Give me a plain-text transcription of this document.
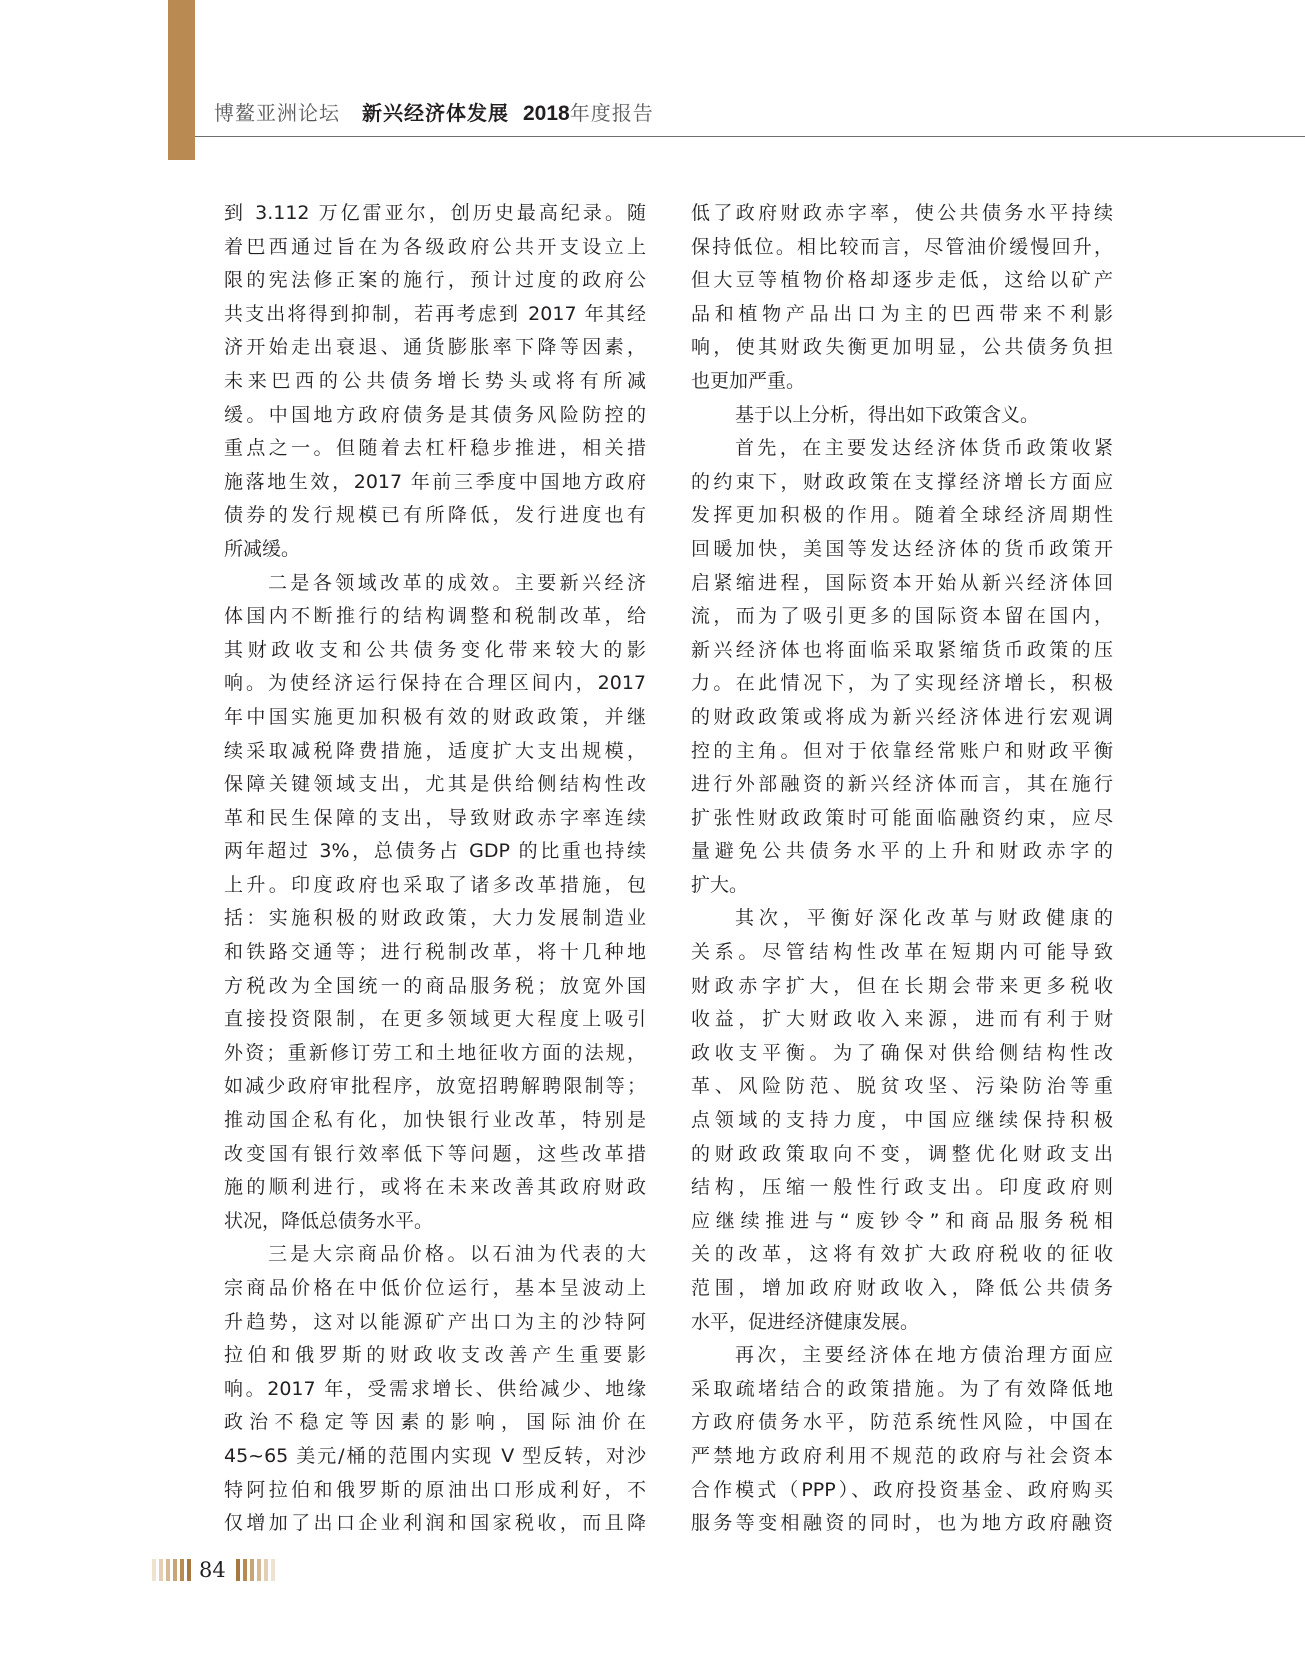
博鳌亚洲论坛 新兴经济体发展 2018 年度报告

到 3.112 万亿雷亚尔，创历史最高纪录。随

着巴西通过旨在为各级政府公共开支设立上

限的宪法修正案的施行，预计过度的政府公

共支出将得到抑制，若再考虑到 2017 年其经

济开始走出衰退、通货膨胀率下降等因素，

未来巴西的公共债务增长势头或将有所减

缓。中国地方政府债务是其债务风险防控的

重点之一。但随着去杠杆稳步推进，相关措

施落地生效，2017 年前三季度中国地方政府

债券的发行规模已有所降低，发行进度也有

所减缓。

二是各领域改革的成效。主要新兴经济

体国内不断推行的结构调整和税制改革，给

其财政收支和公共债务变化带来较大的影

响。为使经济运行保持在合理区间内，2017

年中国实施更加积极有效的财政政策，并继

续采取减税降费措施，适度扩大支出规模，

保障关键领域支出，尤其是供给侧结构性改

革和民生保障的支出，导致财政赤字率连续

两年超过 3%，总债务占 GDP 的比重也持续

上升。印度政府也采取了诸多改革措施，包

括：实施积极的财政政策，大力发展制造业

和铁路交通等；进行税制改革，将十几种地

方税改为全国统一的商品服务税；放宽外国

直接投资限制，在更多领域更大程度上吸引

外资；重新修订劳工和土地征收方面的法规，

如减少政府审批程序，放宽招聘解聘限制等；

推动国企私有化，加快银行业改革，特别是

改变国有银行效率低下等问题，这些改革措

施的顺利进行，或将在未来改善其政府财政

状况，降低总债务水平。

三是大宗商品价格。以石油为代表的大

宗商品价格在中低价位运行，基本呈波动上

升趋势，这对以能源矿产出口为主的沙特阿

拉伯和俄罗斯的财政收支改善产生重要影

响。2017 年，受需求增长、供给减少、地缘

政治不稳定等因素的影响，国际油价在

45~65 美元/桶的范围内实现 V 型反转，对沙

特阿拉伯和俄罗斯的原油出口形成利好，不

仅增加了出口企业利润和国家税收，而且降

低了政府财政赤字率，使公共债务水平持续

保持低位。相比较而言，尽管油价缓慢回升，

但大豆等植物价格却逐步走低，这给以矿产

品和植物产品出口为主的巴西带来不利影

响，使其财政失衡更加明显，公共债务负担

也更加严重。

基于以上分析，得出如下政策含义。

首先，在主要发达经济体货币政策收紧

的约束下，财政政策在支撑经济增长方面应

发挥更加积极的作用。随着全球经济周期性

回暖加快，美国等发达经济体的货币政策开

启紧缩进程，国际资本开始从新兴经济体回

流，而为了吸引更多的国际资本留在国内，

新兴经济体也将面临采取紧缩货币政策的压

力。在此情况下，为了实现经济增长，积极

的财政政策或将成为新兴经济体进行宏观调

控的主角。但对于依靠经常账户和财政平衡

进行外部融资的新兴经济体而言，其在施行

扩张性财政政策时可能面临融资约束，应尽

量避免公共债务水平的上升和财政赤字的

扩大。

其次，平衡好深化改革与财政健康的

关系。尽管结构性改革在短期内可能导致

财政赤字扩大，但在长期会带来更多税收

收益，扩大财政收入来源，进而有利于财

政收支平衡。为了确保对供给侧结构性改

革、风险防范、脱贫攻坚、污染防治等重

点领域的支持力度，中国应继续保持积极

的财政政策取向不变，调整优化财政支出

结构，压缩一般性行政支出。印度政府则

应继续推进与“废钞令”和商品服务税相

关的改革，这将有效扩大政府税收的征收

范围，增加政府财政收入，降低公共债务

水平，促进经济健康发展。

再次，主要经济体在地方债治理方面应

采取疏堵结合的政策措施。为了有效降低地

方政府债务水平，防范系统性风险，中国在

严禁地方政府利用不规范的政府与社会资本

合作模式（PPP）、政府投资基金、政府购买

服务等变相融资的同时，也为地方政府融资

84
